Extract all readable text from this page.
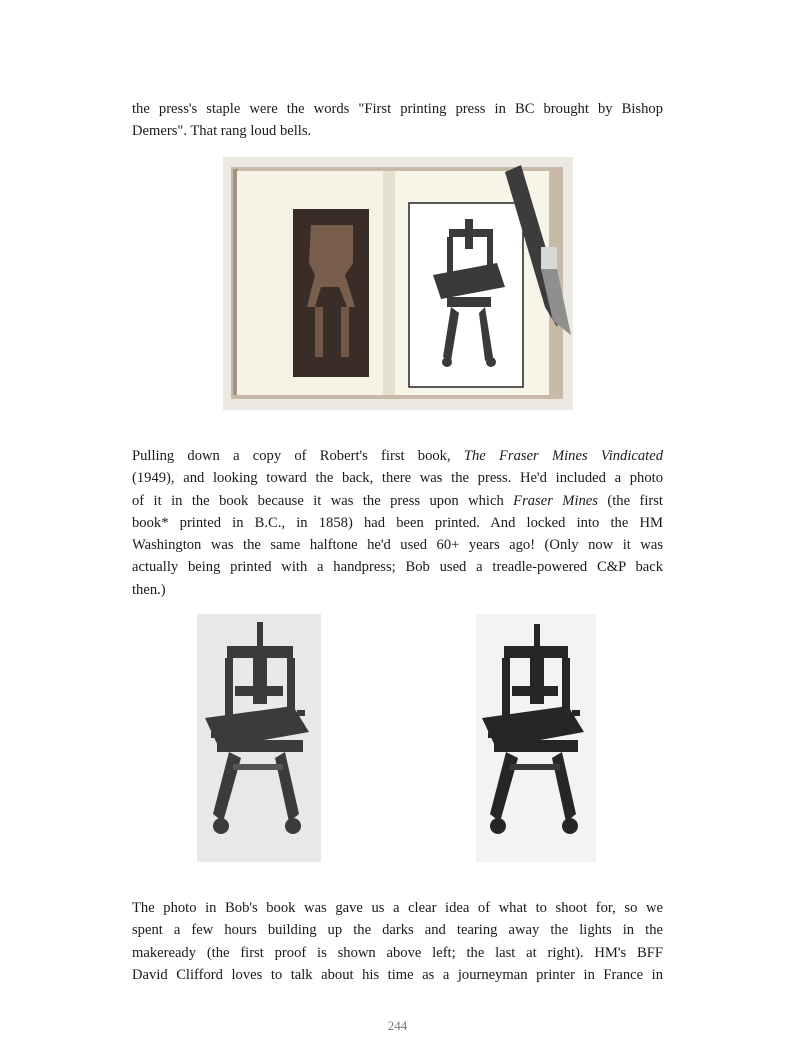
the press's staple were the words "First printing press in BC brought by Bishop
Demers". That rang loud bells.

Pulling down a copy of Robert's first book, The Fraser Mines Vindicated
(1949), and looking toward the back, there was the press. He'd included a photo
of it in the book because it was the press upon which Fraser Mines (the first
book* printed in B.C., in 1858) had been printed. And locked into the HM
Washington was the same halftone he'd used 60+ years ago! (Only now it was
actually being printed with a handpress; Bob used a treadle-powered C&P back
then.)

The photo in Bob's book was gave us a clear idea of what to shoot for, so we
spent a few hours building up the darks and tearing away the lights in the
makeready (the first proof is shown above left; the last at right). HM's BFF
David Clifford loves to talk about his time as a journeyman printer in France in

244
